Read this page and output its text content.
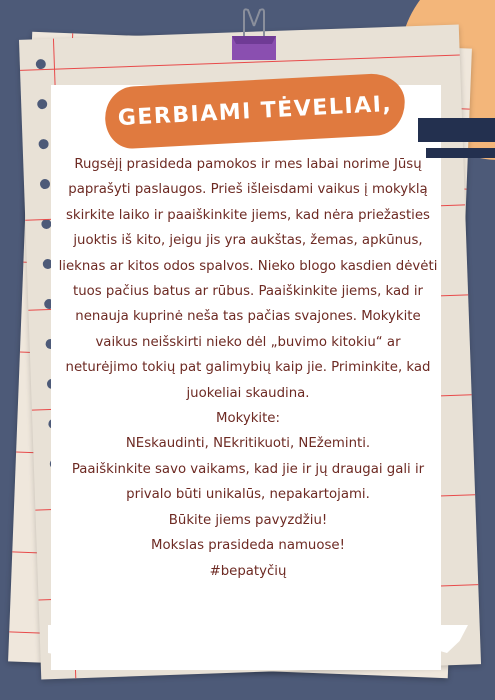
GERBIAMI TĖVELIAI,

Rugsėjį prasideda pamokos ir mes labai norime Jūsų paprašyti paslaugos. Prieš išleisdami vaikus į mokyklą skirkite laiko ir paaiškinkite jiems, kad nėra priežasties juoktis iš kito, jeigu jis yra aukštas, žemas, apkūnus, lieknas ar kitos odos spalvos. Nieko blogo kasdien dėvėti tuos pačius batus ar rūbus. Paaiškinkite jiems, kad ir nenauja kuprinė neša tas pačias svajones. Mokykite vaikus neišskirti nieko dėl „buvimo kitokiu“ ar neturėjimo tokių pat galimybių kaip jie. Priminkite, kad juokeliai skaudina.

Mokykite:

NEskaudinti, NEkritikuoti, NEžeminti.

Paaiškinkite savo vaikams, kad jie ir jų draugai gali ir privalo būti unikalūs, nepakartojami.

Būkite jiems pavyzdžiu!

Mokslas prasideda namuose!

#bepatyčių
